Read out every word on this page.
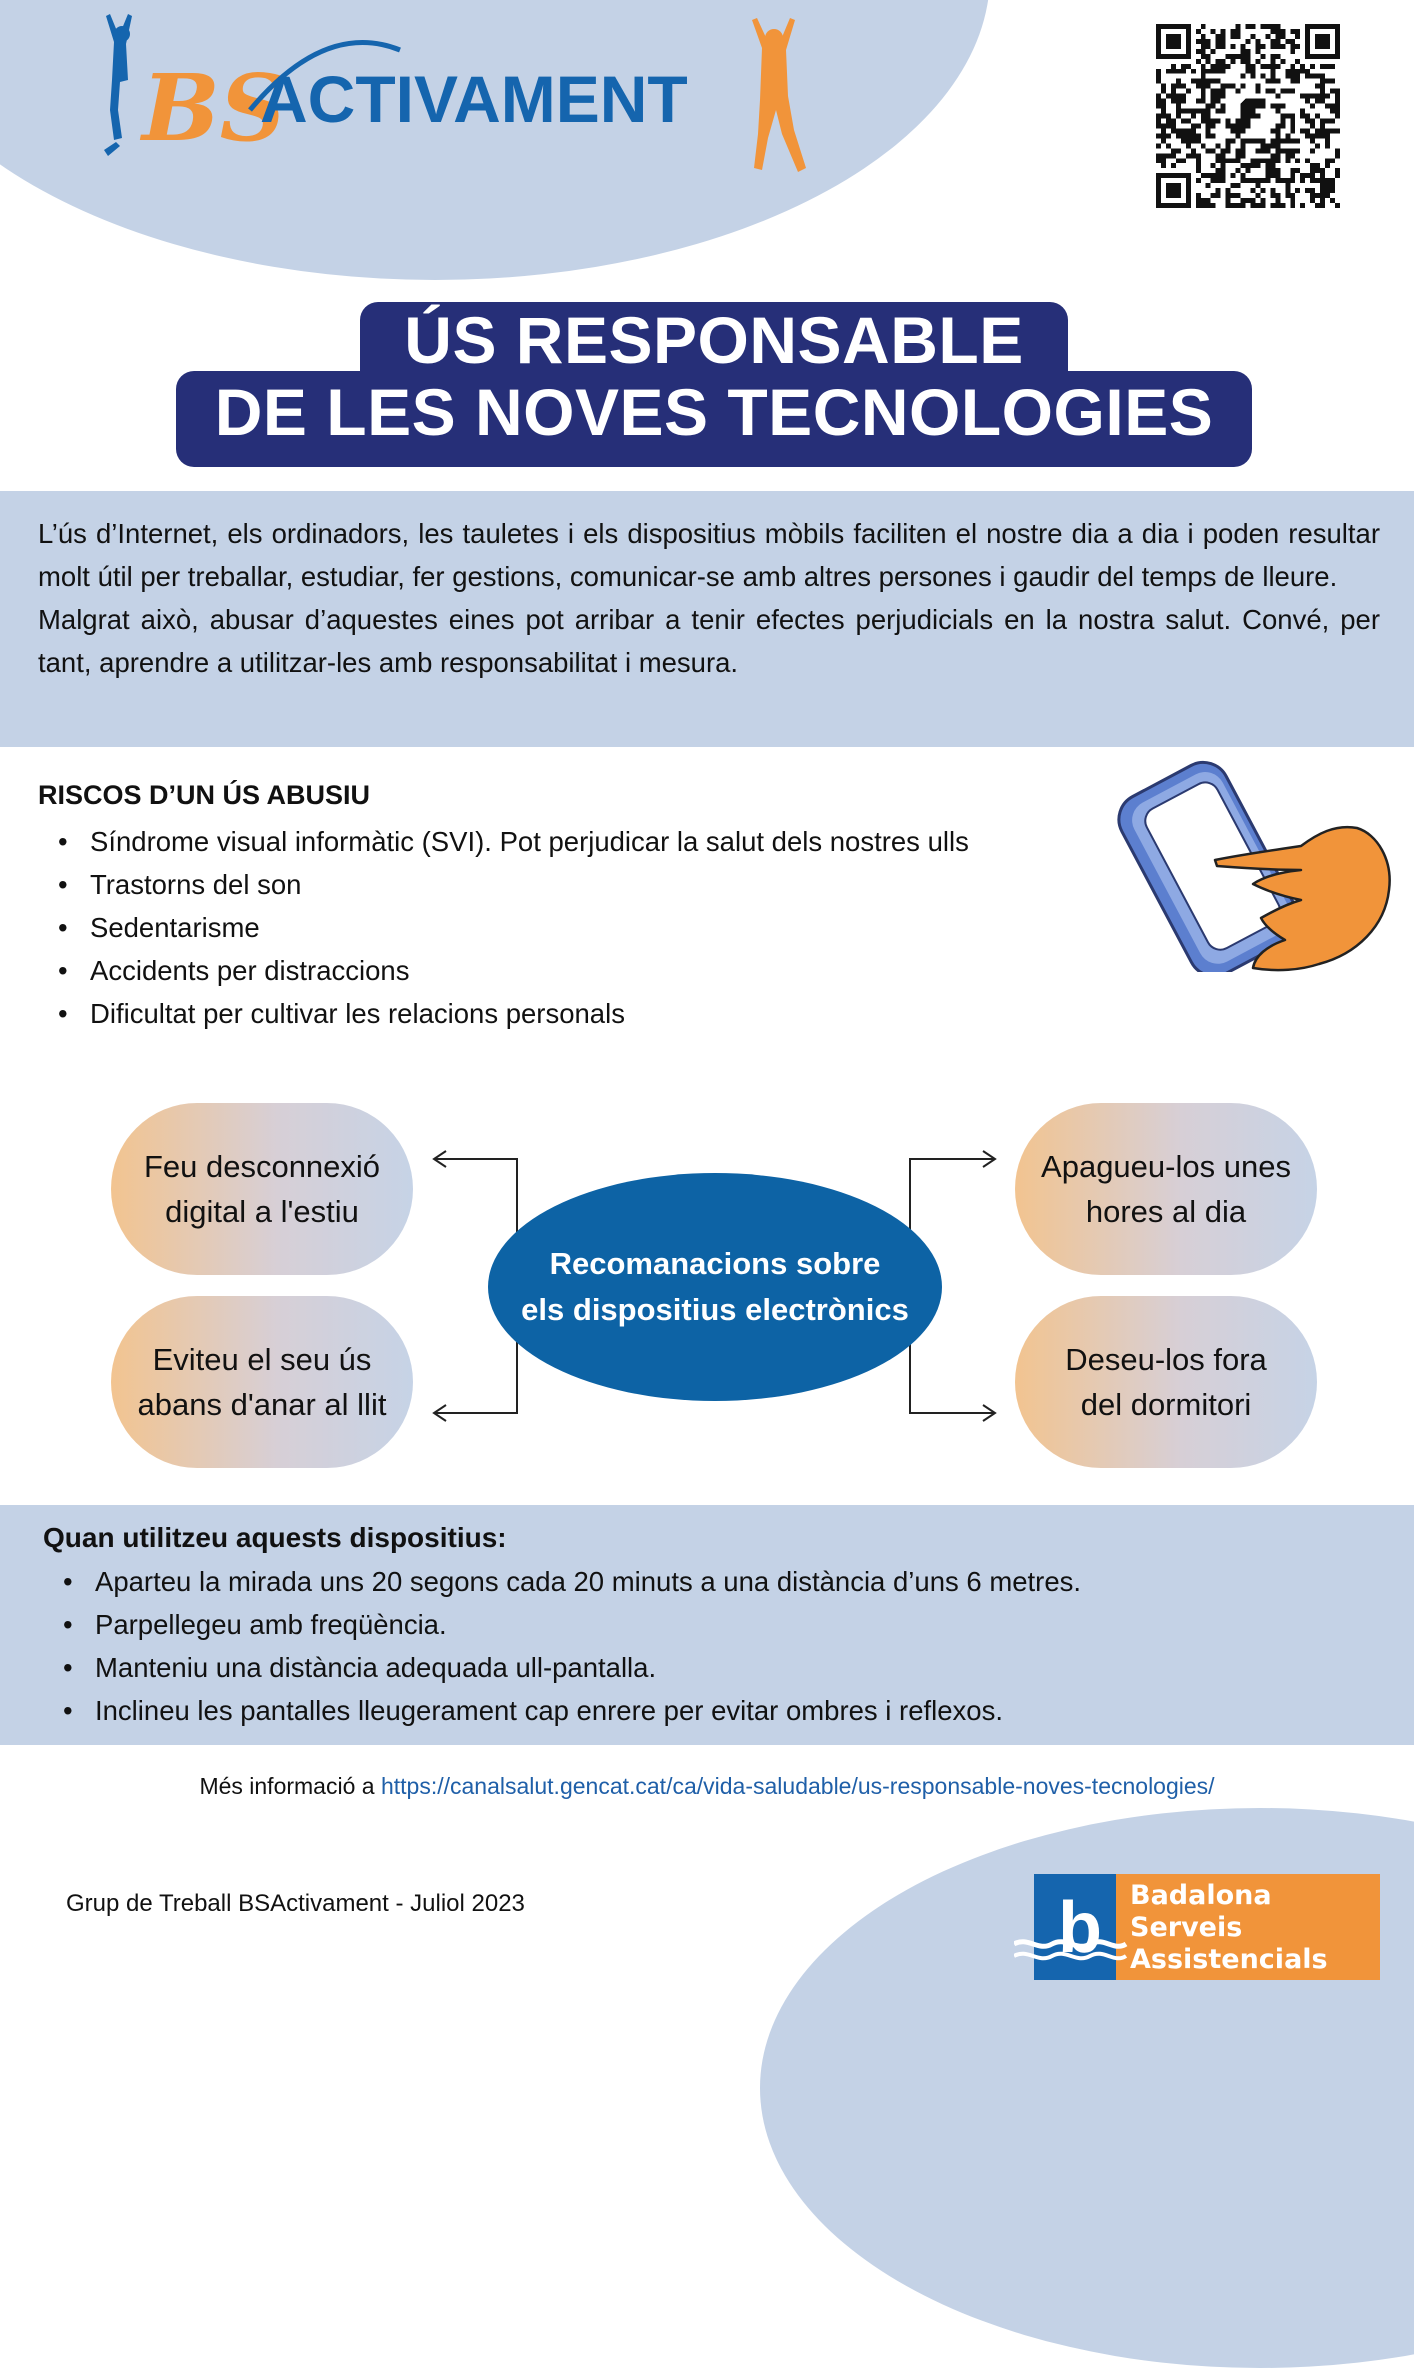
BS
ACTIVAMENT
ÚS RESPONSABLE
DE LES NOVES TECNOLOGIES

L’ús d’Internet, els ordinadors, les tauletes i els dispositius mòbils faciliten el nostre dia a dia i poden resultar molt útil per treballar, estudiar, fer gestions, comunicar-se amb altres persones i gaudir del temps de lleure.

Malgrat això, abusar d’aquestes eines pot arribar a tenir efectes perjudicials en la nostra salut. Convé, per tant, aprendre a utilitzar-les amb responsabilitat i mesura.

RISCOS D’UN ÚS ABUSIU
• Síndrome visual informàtic (SVI). Pot perjudicar la salut dels nostres ulls
• Trastorns del son
• Sedentarisme
• Accidents per distraccions
• Dificultat per cultivar les relacions personals
Feu desconnexió
digital a l'estiu
Eviteu el seu ús
abans d'anar al llit
Apagueu-los unes
hores al dia
Deseu-los fora
del dormitori
Recomanacions sobre
els dispositius electrònics
Quan utilitzeu aquests dispositius:
• Aparteu la mirada uns 20 segons cada 20 minuts a una distància d’uns 6 metres.
• Parpellegeu amb freqüència.
• Manteniu una distància adequada ull-pantalla.
• Inclineu les pantalles lleugerament cap enrere per evitar ombres i reflexos.
Més informació a https://canalsalut.gencat.cat/ca/vida-saludable/us-responsable-noves-tecnologies/
Grup de Treball BSActivament - Juliol 2023	b Badalona
Serveis
Assistencials
